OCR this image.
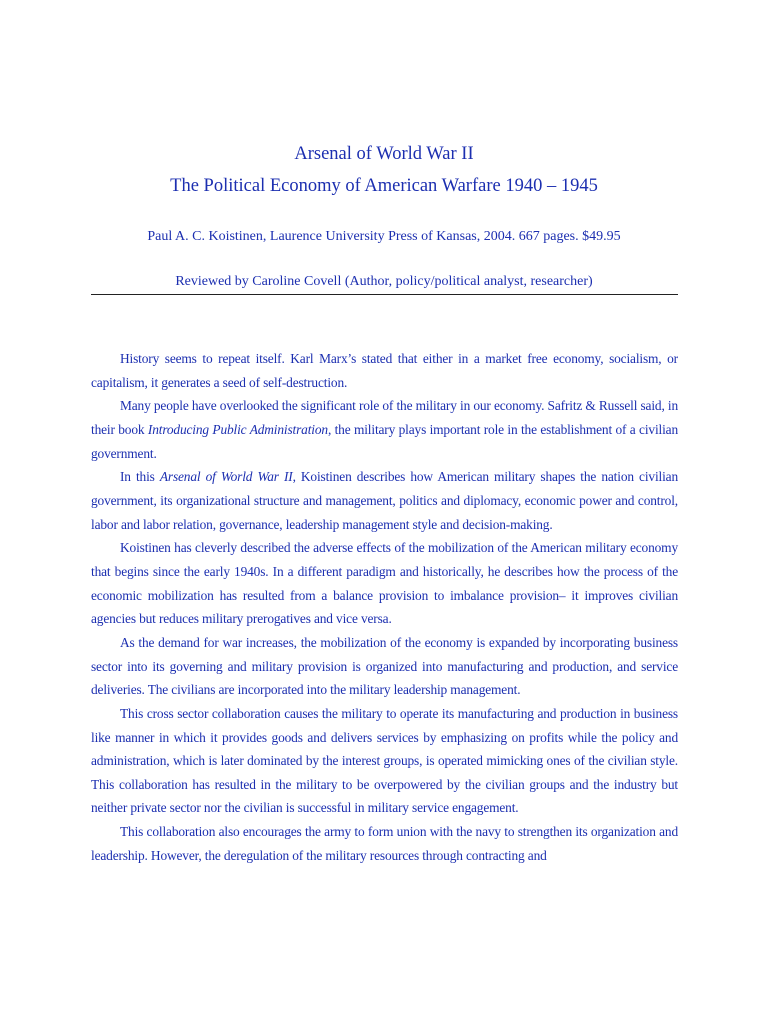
Arsenal of World War II
The Political Economy of American Warfare 1940 – 1945
Paul A. C. Koistinen, Laurence University Press of Kansas, 2004. 667 pages. $49.95
Reviewed by Caroline Covell (Author, policy/political analyst, researcher)

History seems to repeat itself. Karl Marx’s stated that either in a market free economy, socialism, or capitalism, it generates a seed of self-destruction.

Many people have overlooked the significant role of the military in our economy. Safritz & Russell said, in their book Introducing Public Administration, the military plays important role in the establishment of a civilian government.

In this Arsenal of World War II, Koistinen describes how American military shapes the nation civilian government, its organizational structure and management, politics and diplomacy, economic power and control, labor and labor relation, governance, leadership management style and decision-making.

Koistinen has cleverly described the adverse effects of the mobilization of the American military economy that begins since the early 1940s. In a different paradigm and historically, he describes how the process of the economic mobilization has resulted from a balance provision to imbalance provision– it improves civilian agencies but reduces military prerogatives and vice versa.

As the demand for war increases, the mobilization of the economy is expanded by incorporating business sector into its governing and military provision is organized into manufacturing and production, and service deliveries. The civilians are incorporated into the military leadership management.

This cross sector collaboration causes the military to operate its manufacturing and production in business like manner in which it provides goods and delivers services by emphasizing on profits while the policy and administration, which is later dominated by the interest groups, is operated mimicking ones of the civilian style. This collaboration has resulted in the military to be overpowered by the civilian groups and the industry but neither private sector nor the civilian is successful in military service engagement.

This collaboration also encourages the army to form union with the navy to strengthen its organization and leadership. However, the deregulation of the military resources through contracting and
